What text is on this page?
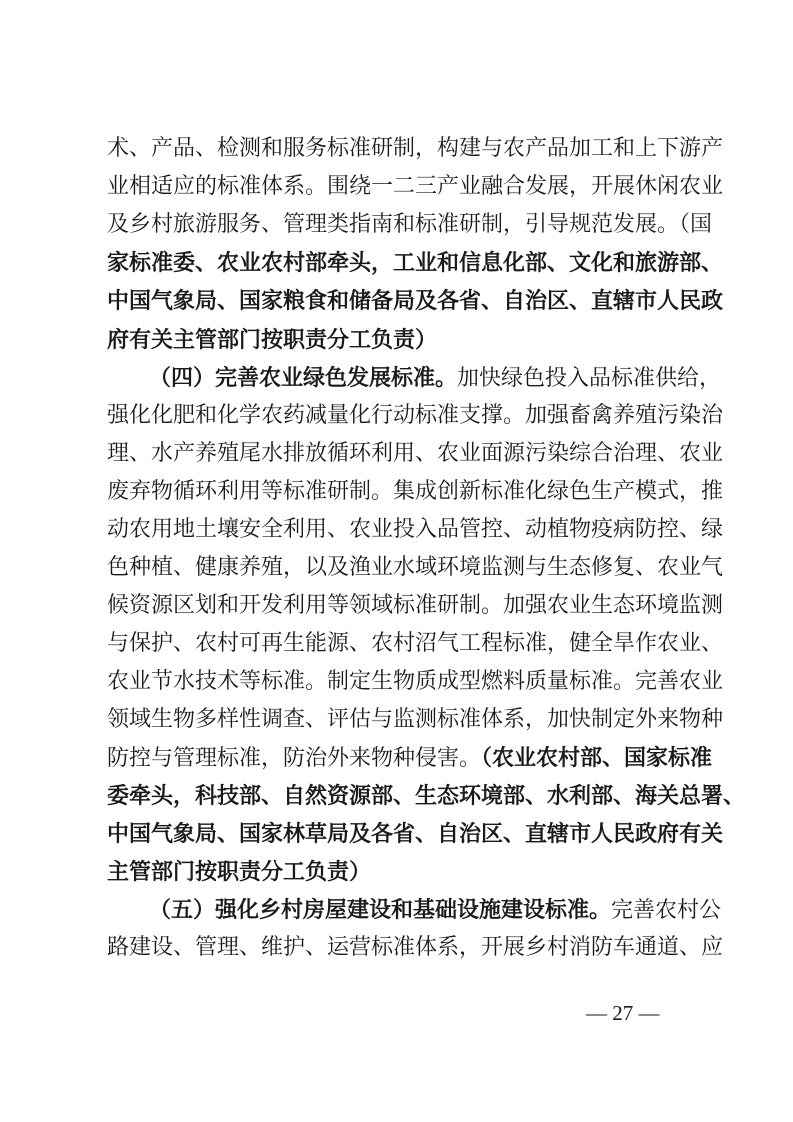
术、产品、检测和服务标准研制，构建与农产品加工和上下游产
业相适应的标准体系。围绕一二三产业融合发展，开展休闲农业
及乡村旅游服务、管理类指南和标准研制，引导规范发展。（国
家标准委、农业农村部牵头，工业和信息化部、文化和旅游部、
中国气象局、国家粮食和储备局及各省、自治区、直辖市人民政
府有关主管部门按职责分工负责）
（四）完善农业绿色发展标准。加快绿色投入品标准供给，
强化化肥和化学农药减量化行动标准支撑。加强畜禽养殖污染治
理、水产养殖尾水排放循环利用、农业面源污染综合治理、农业
废弃物循环利用等标准研制。集成创新标准化绿色生产模式，推
动农用地土壤安全利用、农业投入品管控、动植物疫病防控、绿
色种植、健康养殖，以及渔业水域环境监测与生态修复、农业气
候资源区划和开发利用等领域标准研制。加强农业生态环境监测
与保护、农村可再生能源、农村沼气工程标准，健全旱作农业、
农业节水技术等标准。制定生物质成型燃料质量标准。完善农业
领域生物多样性调查、评估与监测标准体系，加快制定外来物种
防控与管理标准，防治外来物种侵害。（农业农村部、国家标准
委牵头，科技部、自然资源部、生态环境部、水利部、海关总署、
中国气象局、国家林草局及各省、自治区、直辖市人民政府有关
主管部门按职责分工负责）
（五）强化乡村房屋建设和基础设施建设标准。完善农村公
路建设、管理、维护、运营标准体系，开展乡村消防车通道、应
— 27 —
